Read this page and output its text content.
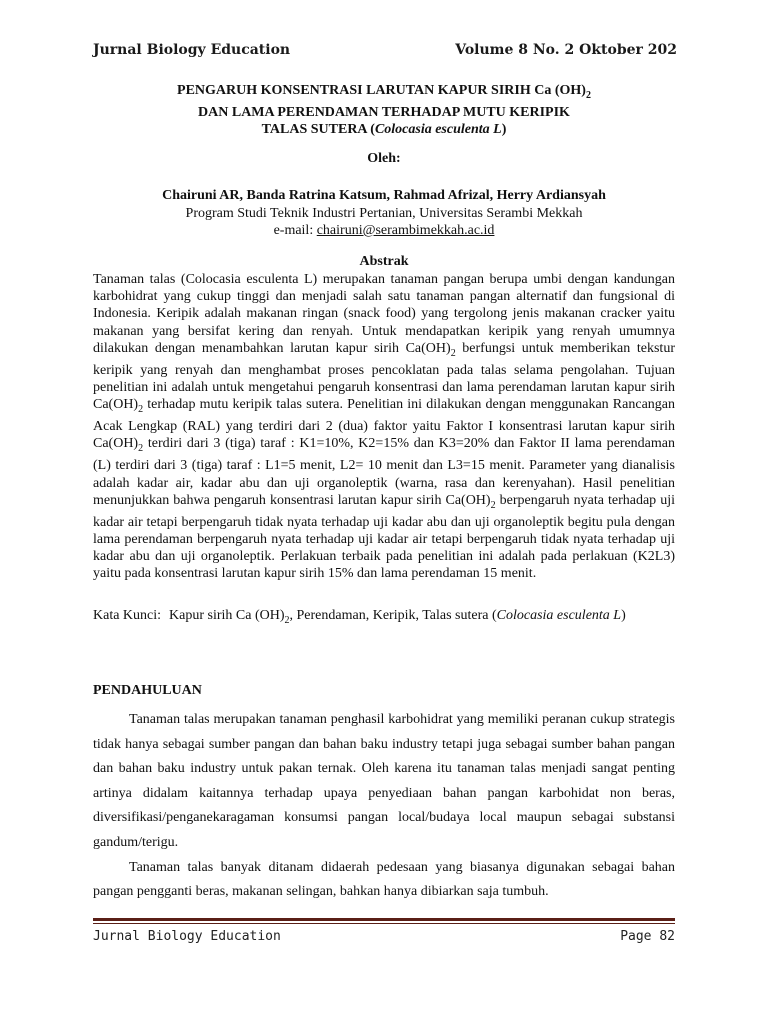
Jurnal Biology Education	Volume 8 No. 2 Oktober 202
PENGARUH KONSENTRASI LARUTAN KAPUR SIRIH Ca $(OH)_2$
DAN LAMA PERENDAMAN TERHADAP MUTU KERIPIK
TALAS SUTERA (Colocasia esculenta L)
Oleh:
Chairuni AR, Banda Ratrina Katsum, Rahmad Afrizal, Herry Ardiansyah
Program Studi Teknik Industri Pertanian, Universitas Serambi Mekkah
e-mail: chairuni@serambimekkah.ac.id
Abstrak
Tanaman talas (Colocasia esculenta L) merupakan tanaman pangan berupa umbi dengan kandungan karbohidrat yang cukup tinggi dan menjadi salah satu tanaman pangan alternatif dan fungsional di Indonesia. Keripik adalah makanan ringan (snack food) yang tergolong jenis makanan cracker yaitu makanan yang bersifat kering dan renyah. Untuk mendapatkan keripik yang renyah umumnya dilakukan dengan menambahkan larutan kapur sirih $Ca(OH)_2$ berfungsi untuk memberikan tekstur keripik yang renyah dan menghambat proses pencoklatan pada talas selama pengolahan. Tujuan penelitian ini adalah untuk mengetahui pengaruh konsentrasi dan lama perendaman larutan kapur sirih $Ca(OH)_2$ terhadap mutu keripik talas sutera. Penelitian ini dilakukan dengan menggunakan Rancangan Acak Lengkap (RAL) yang terdiri dari 2 (dua) faktor yaitu Faktor I konsentrasi larutan kapur sirih $Ca(OH)_2$ terdiri dari 3 (tiga) taraf : K1=10%, K2=15% dan K3=20% dan Faktor II lama perendaman (L) terdiri dari 3 (tiga) taraf : L1=5 menit, L2= 10 menit dan L3=15 menit. Parameter yang dianalisis adalah kadar air, kadar abu dan uji organoleptik (warna, rasa dan kerenyahan). Hasil penelitian menunjukkan bahwa pengaruh konsentrasi larutan kapur sirih $Ca(OH)_2$ berpengaruh nyata terhadap uji kadar air tetapi berpengaruh tidak nyata terhadap uji kadar abu dan uji organoleptik begitu pula dengan lama perendaman berpengaruh nyata terhadap uji kadar air tetapi berpengaruh tidak nyata terhadap uji kadar abu dan uji organoleptik. Perlakuan terbaik pada penelitian ini adalah pada perlakuan (K2L3) yaitu pada konsentrasi larutan kapur sirih 15% dan lama perendaman 15 menit.
Kata Kunci: Kapur sirih Ca $(OH)_2$, Perendaman, Keripik, Talas sutera (Colocasia esculenta L)
PENDAHULUAN

Tanaman talas merupakan tanaman penghasil karbohidrat yang memiliki peranan cukup strategis tidak hanya sebagai sumber pangan dan bahan baku industry tetapi juga sebagai sumber bahan pangan dan bahan baku industry untuk pakan ternak. Oleh karena itu tanaman talas menjadi sangat penting artinya didalam kaitannya terhadap upaya penyediaan bahan pangan karbohidat non beras, diversifikasi/penganekaragaman konsumsi pangan local/budaya local maupun sebagai substansi gandum/terigu.

Tanaman talas banyak ditanam didaerah pedesaan yang biasanya digunakan sebagai bahan pangan pengganti beras, makanan selingan, bahkan hanya dibiarkan saja tumbuh.

Jurnal Biology Education	Page 82
